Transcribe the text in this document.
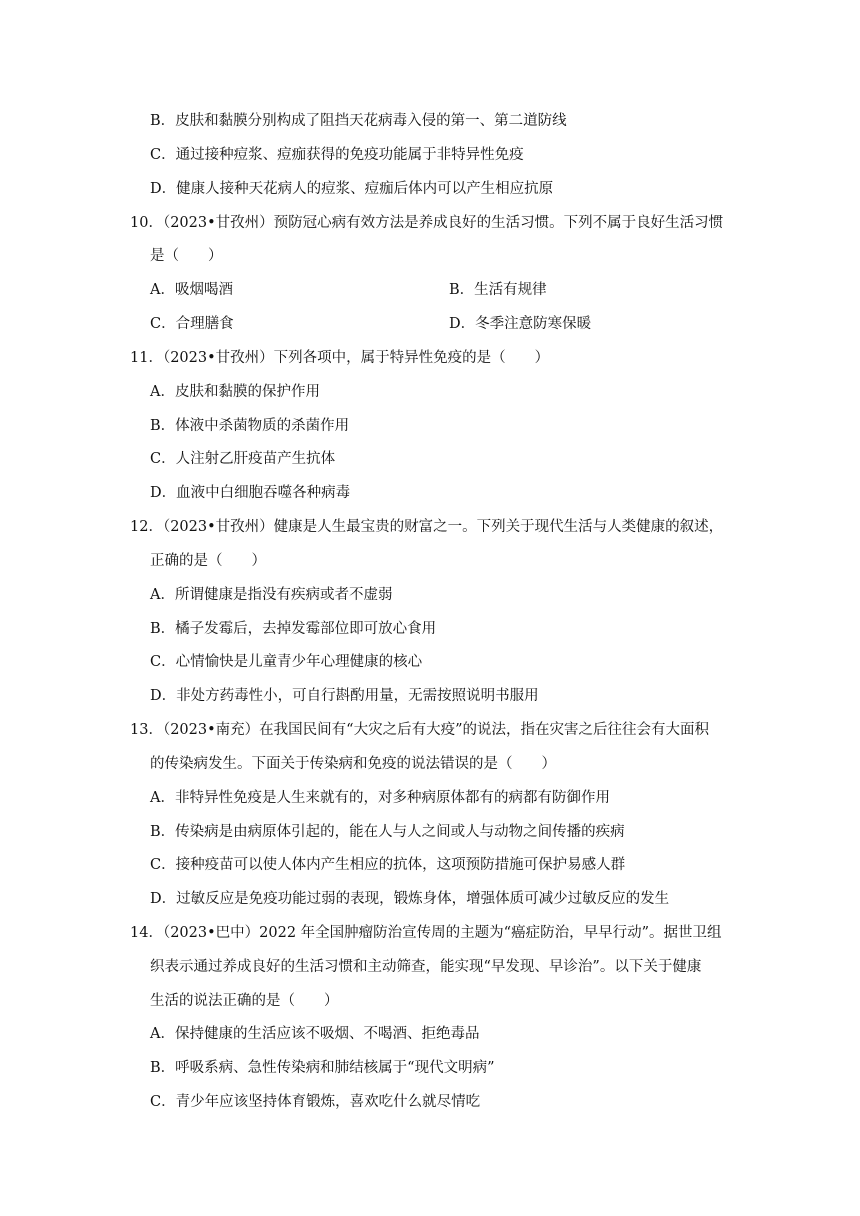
B．皮肤和黏膜分别构成了阻挡天花病毒入侵的第一、第二道防线
C．通过接种痘浆、痘痂获得的免疫功能属于非特异性免疫
D．健康人接种天花病人的痘浆、痘痂后体内可以产生相应抗原
10．（2023•甘孜州）预防冠心病有效方法是养成良好的生活习惯。下列不属于良好生活习惯
是（　　）
A．吸烟喝酒	B．生活有规律
C．合理膳食	D．冬季注意防寒保暖
11．（2023•甘孜州）下列各项中，属于特异性免疫的是（　　）
A．皮肤和黏膜的保护作用
B．体液中杀菌物质的杀菌作用
C．人注射乙肝疫苗产生抗体
D．血液中白细胞吞噬各种病毒
12．（2023•甘孜州）健康是人生最宝贵的财富之一。下列关于现代生活与人类健康的叙述，
正确的是（　　）
A．所谓健康是指没有疾病或者不虚弱
B．橘子发霉后，去掉发霉部位即可放心食用
C．心情愉快是儿童青少年心理健康的核心
D．非处方药毒性小，可自行斟酌用量，无需按照说明书服用
13．（2023•南充）在我国民间有“大灾之后有大疫”的说法，指在灾害之后往往会有大面积
的传染病发生。下面关于传染病和免疫的说法错误的是（　　）
A．非特异性免疫是人生来就有的，对多种病原体都有的病都有防御作用
B．传染病是由病原体引起的，能在人与人之间或人与动物之间传播的疾病
C．接种疫苗可以使人体内产生相应的抗体，这项预防措施可保护易感人群
D．过敏反应是免疫功能过弱的表现，锻炼身体，增强体质可减少过敏反应的发生
14．（2023•巴中）2022 年全国肿瘤防治宣传周的主题为“癌症防治，早早行动”。据世卫组
织表示通过养成良好的生活习惯和主动筛查，能实现“早发现、早诊治”。以下关于健康
生活的说法正确的是（　　）
A．保持健康的生活应该不吸烟、不喝酒、拒绝毒品
B．呼吸系病、急性传染病和肺结核属于“现代文明病”
C．青少年应该坚持体育锻炼，喜欢吃什么就尽情吃
